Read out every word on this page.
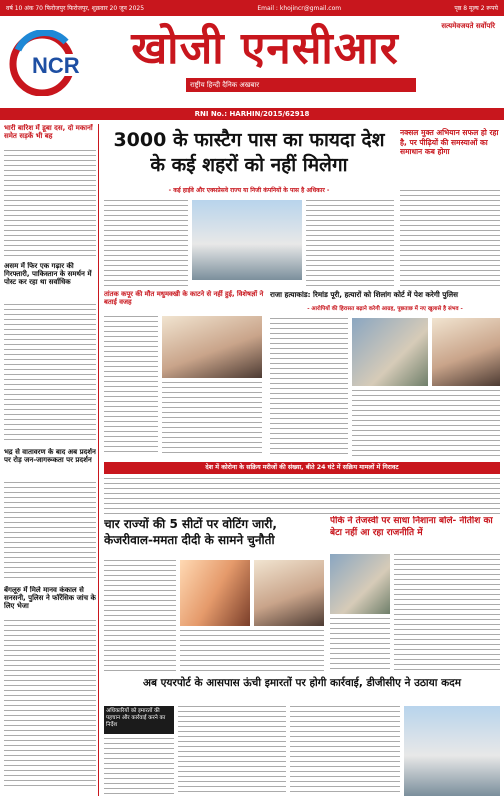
वर्ष 10 अंक 70 फिरोजपुर फिरोजपुर, शुक्रवार 20 जून 2025	Email : khojincr@gmail.com	पृष्ठ 8 मूल्य 2 रूपये
NCR	खोजी एनसीआर	सत्यमेवजयते सर्वोपरि
राष्ट्रीय हिन्दी दैनिक अखबार
RNI No.: HARHIN/2015/62918
भारी बारिश में डूबा दस, दो मकानों समेत सड़कें भी बह
असम में फिर एक गढ़ार की गिरफ्तारी, पाकिस्तान के समर्थन में पोस्ट कर रहा था सर्वाधिक
भद्र से वातावरण के बाद अब प्रदर्शन पर रोड़ जन-जागरूकता पर प्रदर्शन
बेंगलूरु में मिले मानव कंकाल से सनसनी, पुलिस ने फॉरेंसिक जांच के लिए भेजा
3000 के फास्टैग पास का फायदा देश के कई शहरों को नहीं मिलेगा
- कई हाईवे और एक्सप्रेसवे राज्य या निजी कंपनियों के पास है अधिकार -
नक्सल मुक्त अभियान सफल हो रहा है, पर पीढ़ियों की समस्याओं का समाधान कब होगा
तांतक कपूर की मौत मधुमक्खी के काटने से नहीं हुई, विशेषज्ञों ने बताई वजह
राजा हत्याकांड: रिमांड पूरी, हत्यारों को शिलांग कोर्ट में पेश करेगी पुलिस
- आरोपियों की हिरासत बढ़ाने करेगी आग्रह, पूछताछ में नए खुलासे है संभव -
देश में कोरोना के सक्रिय मरीजों की संख्या, बीते 24 घंटे में सक्रिय मामलों में गिरावट
चार राज्यों की 5 सीटों पर वोटिंग जारी, केजरीवाल-ममता दीदी के सामने चुनौती
पीके ने तेजस्वी पर साधा निशाना बोले- नीतीश का बेटा नहीं आ रहा राजनीति में
अब एयरपोर्ट के आसपास ऊंची इमारतों पर होगी कार्रवाई, डीजीसीए ने उठाया कदम
अधिकारियों को इमारतों की पहचान और कार्रवाई करने का निर्देश
